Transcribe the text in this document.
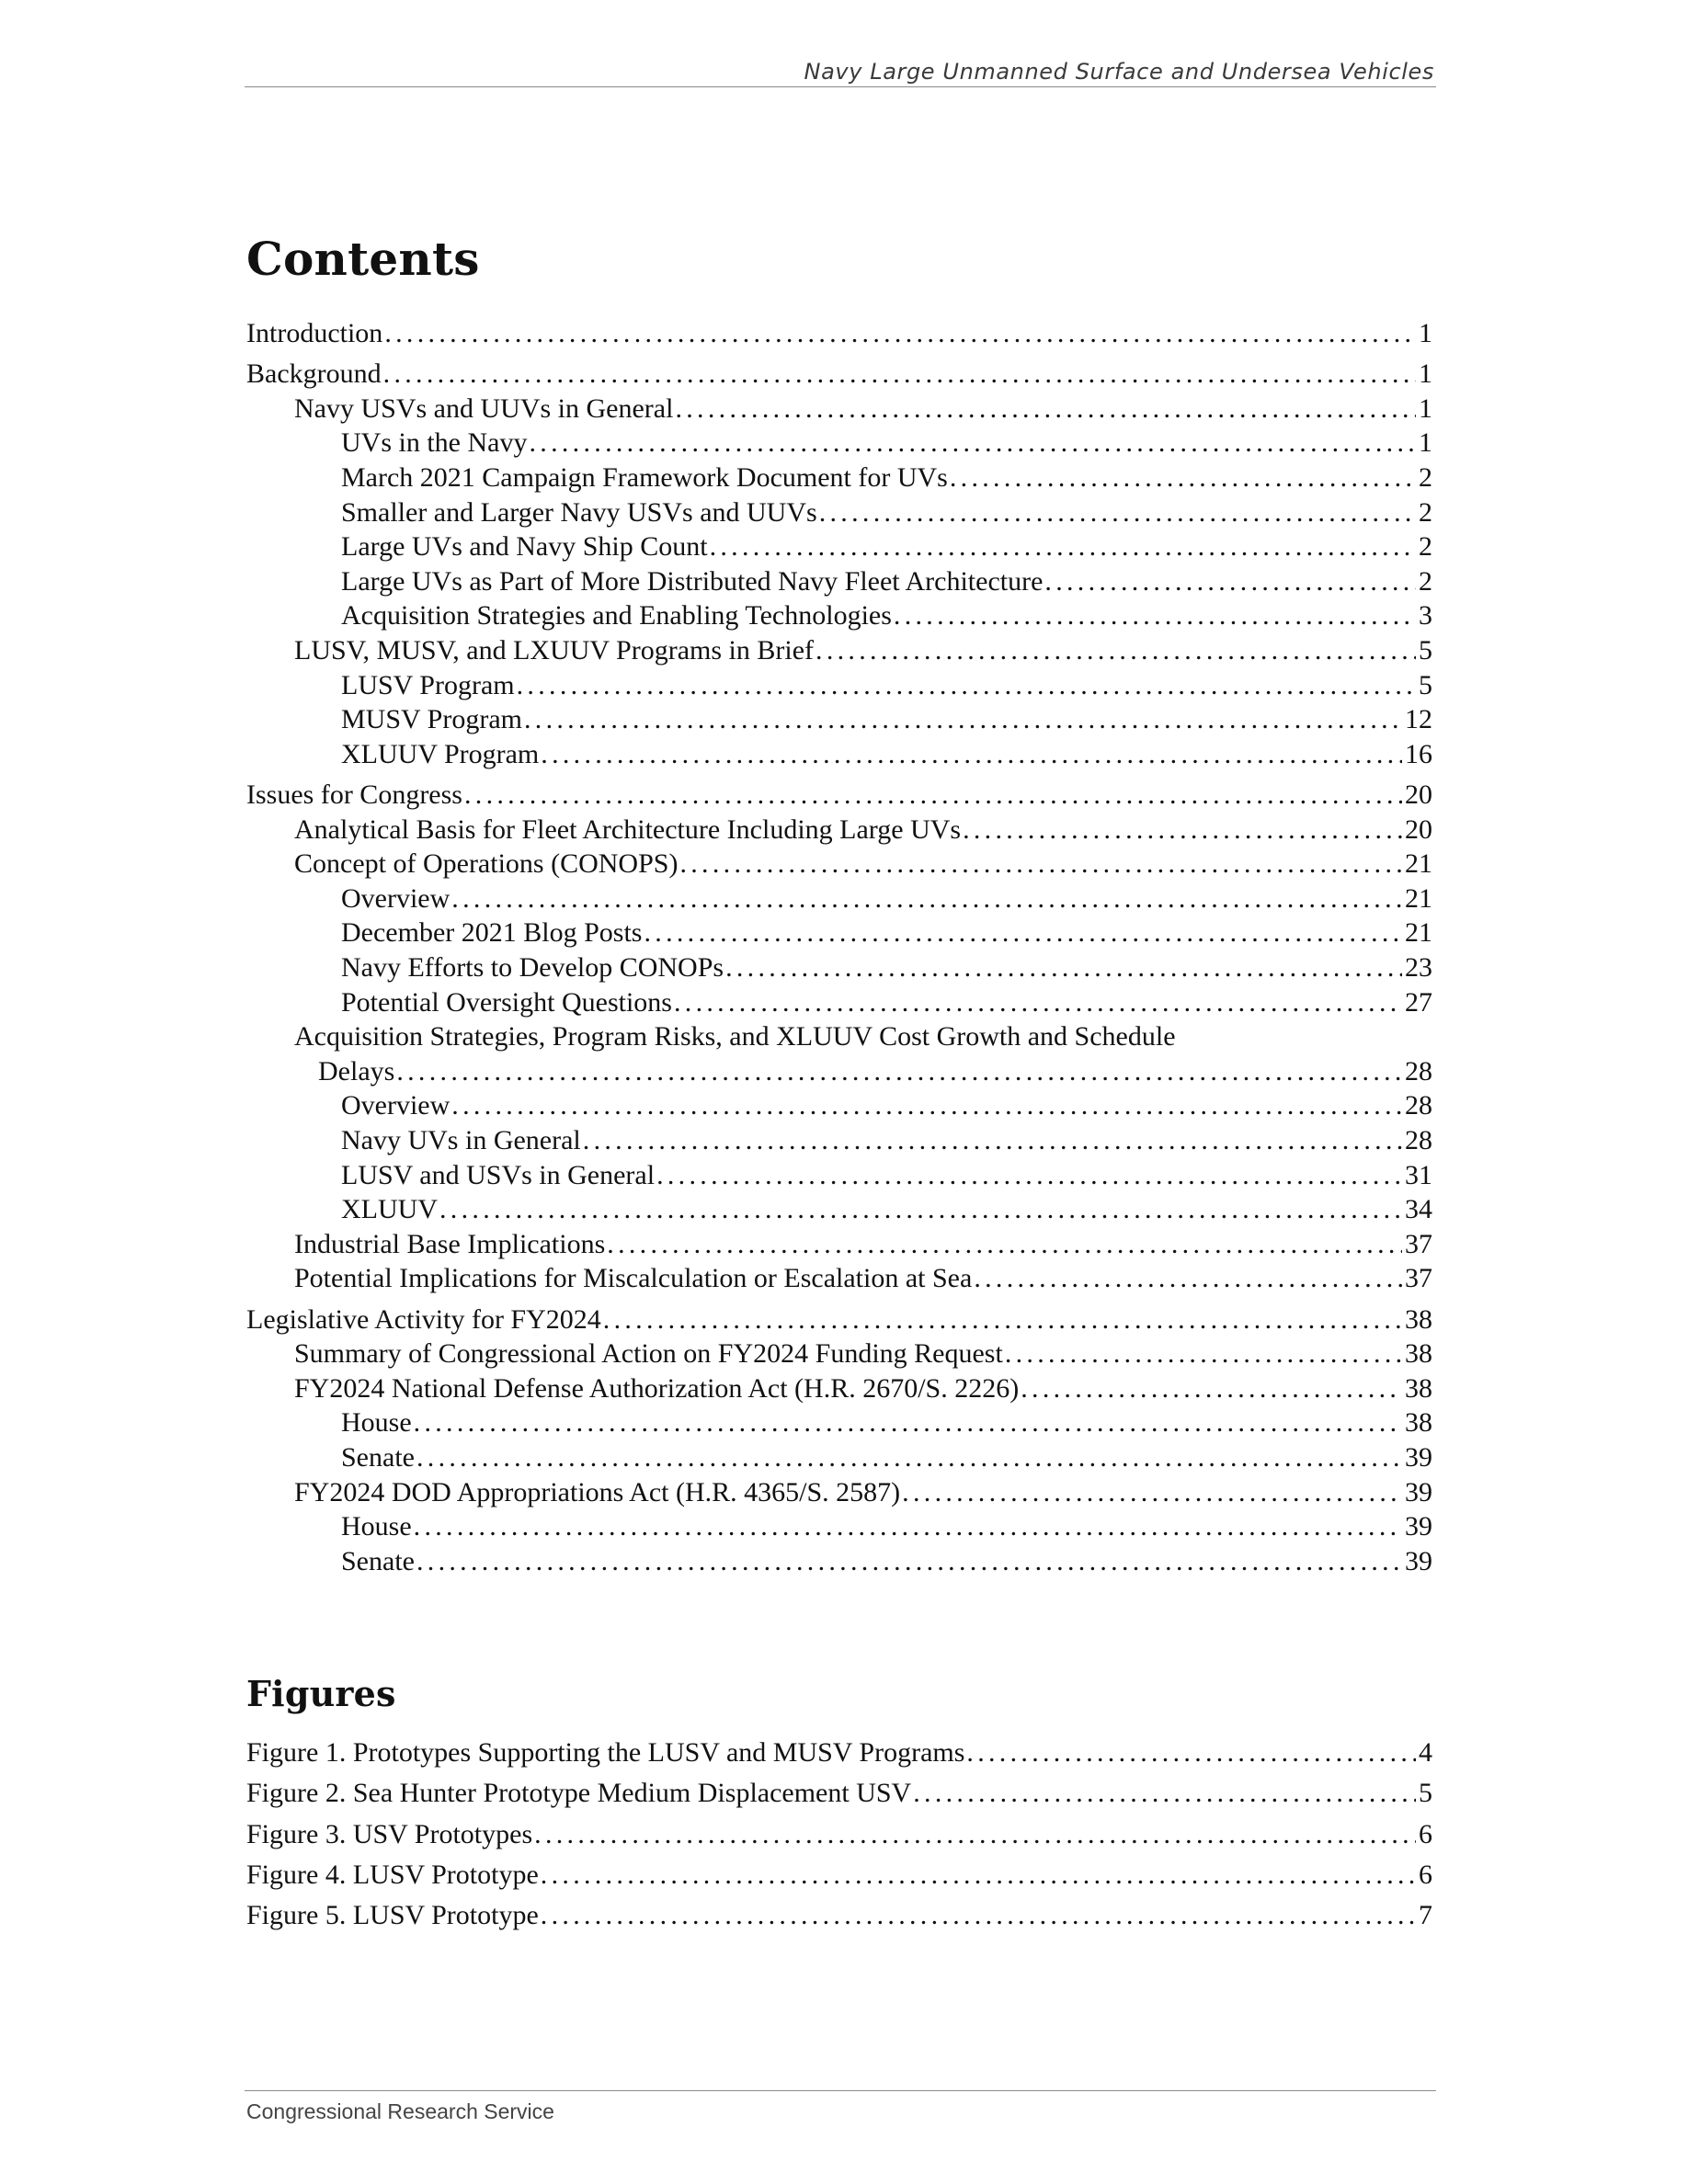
Navy Large Unmanned Surface and Undersea Vehicles
Contents
Introduction . . .	1
Background . . .	1
Navy USVs and UUVs in General . . .	1
UVs in the Navy . . .	1
March 2021 Campaign Framework Document for UVs . . .	2
Smaller and Larger Navy USVs and UUVs . . .	2
Large UVs and Navy Ship Count . . .	2
Large UVs as Part of More Distributed Navy Fleet Architecture . . .	2
Acquisition Strategies and Enabling Technologies . . .	3
LUSV, MUSV, and LXUUV Programs in Brief . . .	5
LUSV Program . . .	5
MUSV Program . . .	12
XLUUV Program . . .	16
Issues for Congress . . .	20
Analytical Basis for Fleet Architecture Including Large UVs . . .	20
Concept of Operations (CONOPS) . . .	21
Overview . . .	21
December 2021 Blog Posts . . .	21
Navy Efforts to Develop CONOPs . . .	23
Potential Oversight Questions . . .	27
Acquisition Strategies, Program Risks, and XLUUV Cost Growth and Schedule
Delays . . .	28
Overview . . .	28
Navy UVs in General . . .	28
LUSV and USVs in General . . .	31
XLUUV . . .	34
Industrial Base Implications . . .	37
Potential Implications for Miscalculation or Escalation at Sea . . .	37
Legislative Activity for FY2024 . . .	38
Summary of Congressional Action on FY2024 Funding Request . . .	38
FY2024 National Defense Authorization Act (H.R. 2670/S. 2226) . . .	38
House . . .	38
Senate . . .	39
FY2024 DOD Appropriations Act (H.R. 4365/S. 2587) . . .	39
House . . .	39
Senate . . .	39
Figures
Figure 1. Prototypes Supporting the LUSV and MUSV Programs . . .	4
Figure 2. Sea Hunter Prototype Medium Displacement USV . . .	5
Figure 3. USV Prototypes . . .	6
Figure 4. LUSV Prototype . . .	6
Figure 5. LUSV Prototype . . .	7
Congressional Research Service
